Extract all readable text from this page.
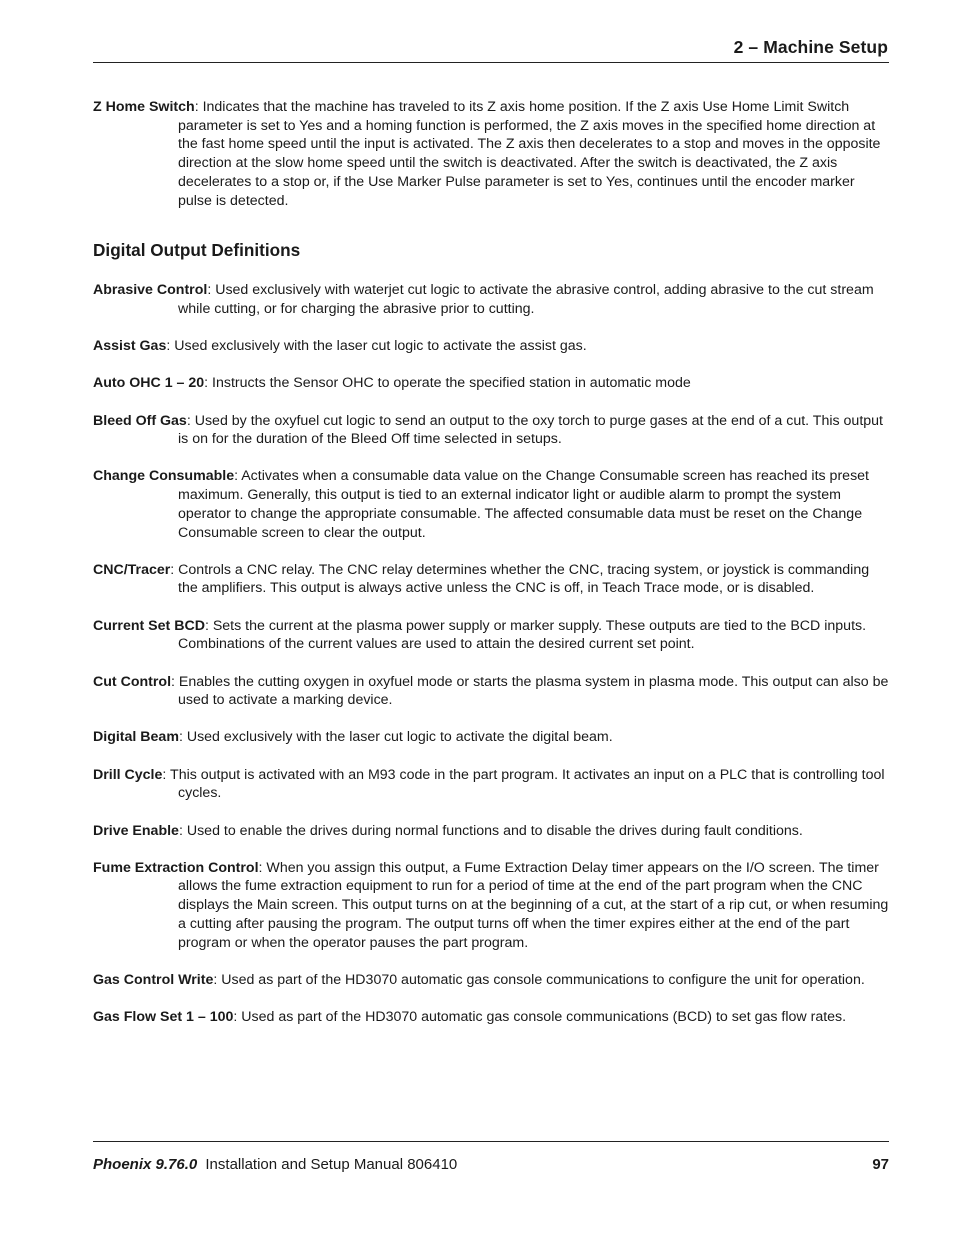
2 – Machine Setup

Z Home Switch: Indicates that the machine has traveled to its Z axis home position. If the Z axis Use Home Limit Switch parameter is set to Yes and a homing function is performed, the Z axis moves in the specified home direction at the fast home speed until the input is activated. The Z axis then decelerates to a stop and moves in the opposite direction at the slow home speed until the switch is deactivated. After the switch is deactivated, the Z axis decelerates to a stop or, if the Use Marker Pulse parameter is set to Yes, continues until the encoder marker pulse is detected.

Digital Output Definitions

Abrasive Control: Used exclusively with waterjet cut logic to activate the abrasive control, adding abrasive to the cut stream while cutting, or for charging the abrasive prior to cutting.

Assist Gas: Used exclusively with the laser cut logic to activate the assist gas.

Auto OHC 1 – 20: Instructs the Sensor OHC to operate the specified station in automatic mode

Bleed Off Gas: Used by the oxyfuel cut logic to send an output to the oxy torch to purge gases at the end of a cut. This output is on for the duration of the Bleed Off time selected in setups.

Change Consumable: Activates when a consumable data value on the Change Consumable screen has reached its preset maximum. Generally, this output is tied to an external indicator light or audible alarm to prompt the system operator to change the appropriate consumable. The affected consumable data must be reset on the Change Consumable screen to clear the output.

CNC/Tracer: Controls a CNC relay. The CNC relay determines whether the CNC, tracing system, or joystick is commanding the amplifiers. This output is always active unless the CNC is off, in Teach Trace mode, or is disabled.

Current Set BCD: Sets the current at the plasma power supply or marker supply. These outputs are tied to the BCD inputs. Combinations of the current values are used to attain the desired current set point.

Cut Control: Enables the cutting oxygen in oxyfuel mode or starts the plasma system in plasma mode. This output can also be used to activate a marking device.

Digital Beam: Used exclusively with the laser cut logic to activate the digital beam.

Drill Cycle: This output is activated with an M93 code in the part program. It activates an input on a PLC that is controlling tool cycles.

Drive Enable: Used to enable the drives during normal functions and to disable the drives during fault conditions.

Fume Extraction Control: When you assign this output, a Fume Extraction Delay timer appears on the I/O screen. The timer allows the fume extraction equipment to run for a period of time at the end of the part program when the CNC displays the Main screen. This output turns on at the beginning of a cut, at the start of a rip cut, or when resuming a cutting after pausing the program. The output turns off when the timer expires either at the end of the part program or when the operator pauses the part program.

Gas Control Write: Used as part of the HD3070 automatic gas console communications to configure the unit for operation.

Gas Flow Set 1 – 100: Used as part of the HD3070 automatic gas console communications (BCD) to set gas flow rates.

Phoenix 9.76.0 Installation and Setup Manual 806410	97
